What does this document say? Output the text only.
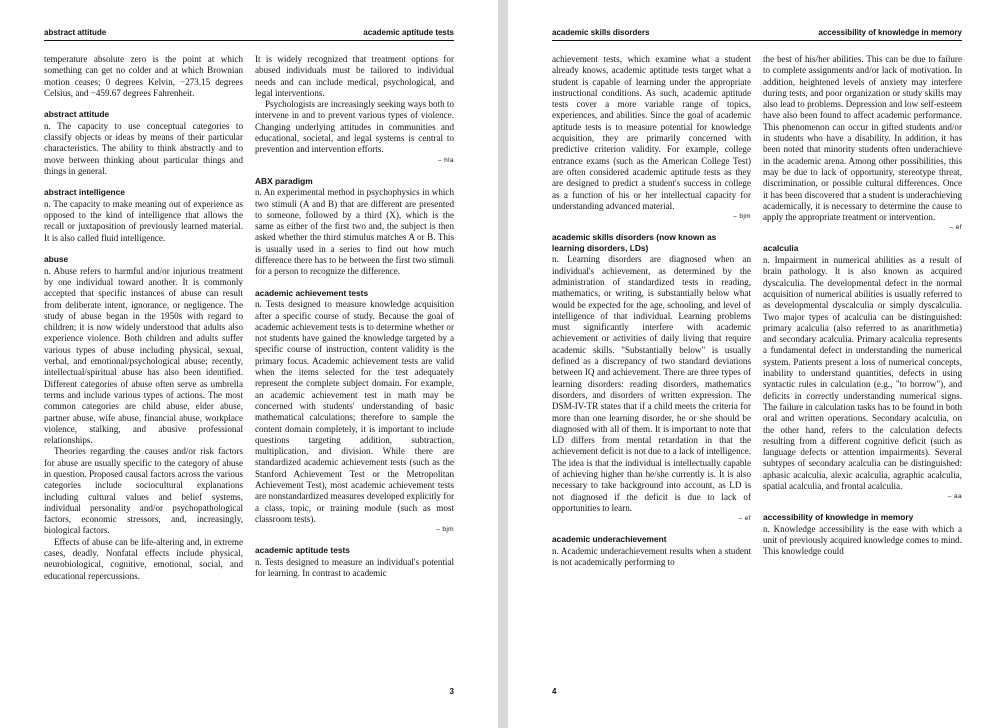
abstract attitude	academic aptitude tests

temperature absolute zero is the point at which something can get no colder and at which Brownian motion ceases; 0 degrees Kelvin, −273.15 degrees Celsius, and −459.67 degrees Fahrenheit.

abstract attitude

n. The capacity to use conceptual categories to classify objects or ideas by means of their particular characteristics. The ability to think abstractly and to move between thinking about particular things and things in general.

abstract intelligence

n. The capacity to make meaning out of experience as opposed to the kind of intelligence that allows the recall or juxtaposition of previously learned material. It is also called fluid intelligence.

abuse

n. Abuse refers to harmful and/or injurious treatment by one individual toward another. It is commonly accepted that specific instances of abuse can result from deliberate intent, ignorance, or negligence. The study of abuse began in the 1950s with regard to children; it is now widely understood that adults also experience violence. Both children and adults suffer various types of abuse including physical, sexual, verbal, and emotional/psychological abuse; recently, intellectual/spiritual abuse has also been identified. Different categories of abuse often serve as umbrella terms and include various types of actions. The most common categories are child abuse, elder abuse, partner abuse, wife abuse, financial abuse, workplace violence, stalking, and abusive professional relationships.

Theories regarding the causes and/or risk factors for abuse are usually specific to the category of abuse in question. Proposed causal factors across the various categories include sociocultural explanations including cultural values and belief systems, individual personality and/or psychopathological factors, economic stressors, and, increasingly, biological factors.

Effects of abuse can be life-altering and, in extreme cases, deadly. Nonfatal effects include physical, neurobiological, cognitive, emotional, social, and educational repercussions.

It is widely recognized that treatment options for abused individuals must be tailored to individual needs and can include medical, psychological, and legal interventions.

Psychologists are increasingly seeking ways both to intervene in and to prevent various types of violence. Changing underlying attitudes in communities and educational, societal, and legal systems is central to prevention and intervention efforts.

– hla
ABX paradigm

n. An experimental method in psychophysics in which two stimuli (A and B) that are different are presented to someone, followed by a third (X), which is the same as either of the first two and, the subject is then asked whether the third stimulus matches A or B. This is usually used in a series to find out how much difference there has to be between the first two stimuli for a person to recognize the difference.

academic achievement tests

n. Tests designed to measure knowledge acquisition after a specific course of study. Because the goal of academic achievement tests is to determine whether or not students have gained the knowledge targeted by a specific course of instruction, content validity is the primary focus. Academic achievement tests are valid when the items selected for the test adequately represent the complete subject domain. For example, an academic achievement test in math may be concerned with students' understanding of basic mathematical calculations; therefore to sample the content domain completely, it is important to include questions targeting addition, subtraction, multiplication, and division. While there are standardized academic achievement tests (such as the Stanford Achievement Test or the Metropolitan Achievement Test), most academic achievement tests are nonstandardized measures developed explicitly for a class, topic, or training module (such as most classroom tests).

– bjm
academic aptitude tests

n. Tests designed to measure an individual's potential for learning. In contrast to academic

3
academic skills disorders	accessibility of knowledge in memory

achievement tests, which examine what a student already knows, academic aptitude tests target what a student is capable of learning under the appropriate instructional conditions. As such, academic aptitude tests cover a more variable range of topics, experiences, and abilities. Since the goal of academic aptitude tests is to measure potential for knowledge acquisition, they are primarily concerned with predictive criterion validity. For example, college entrance exams (such as the American College Test) are often considered academic aptitude tests as they are designed to predict a student's success in college as a function of his or her intellectual capacity for understanding advanced material.

– bjm
academic skills disorders (now known as learning disorders, LDs)

n. Learning disorders are diagnosed when an individual's achievement, as determined by the administration of standardized tests in reading, mathematics, or writing, is substantially below what would be expected for the age, schooling, and level of intelligence of that individual. Learning problems must significantly interfere with academic achievement or activities of daily living that require academic skills. "Substantially below" is usually defined as a discrepancy of two standard deviations between IQ and achievement. There are three types of learning disorders: reading disorders, mathematics disorders, and disorders of written expression. The DSM-IV-TR states that if a child meets the criteria for more than one learning disorder, he or she should be diagnosed with all of them. It is important to note that LD differs from mental retardation in that the achievement deficit is not due to a lack of intelligence. The idea is that the individual is intellectually capable of achieving higher than he/she currently is. It is also necessary to take background into account, as LD is not diagnosed if the deficit is due to lack of opportunities to learn.

– ef
academic underachievement

n. Academic underachievement results when a student is not academically performing to

the best of his/her abilities. This can be due to failure to complete assignments and/or lack of motivation. In addition, heightened levels of anxiety may interfere during tests, and poor organization or study skills may also lead to problems. Depression and low self-esteem have also been found to affect academic performance. This phenomenon can occur in gifted students and/or in students who have a disability. In addition, it has been noted that minority students often underachieve in the academic arena. Among other possibilities, this may be due to lack of opportunity, stereotype threat, discrimination, or possible cultural differences. Once it has been discovered that a student is underachieving academically, it is necessary to determine the cause to apply the appropriate treatment or intervention.

– ef
acalculia

n. Impairment in numerical abilities as a result of brain pathology. It is also known as acquired dyscalculia. The developmental defect in the normal acquisition of numerical abilities is usually referred to as developmental dyscalculia or simply dyscalculia. Two major types of acalculia can be distinguished: primary acalculia (also referred to as anarithmetia) and secondary acalculia. Primary acalculia represents a fundamental defect in understanding the numerical system. Patients present a loss of numerical concepts, inability to understand quantities, defects in using syntactic rules in calculation (e.g., "to borrow"), and deficits in correctly understanding numerical signs. The failure in calculation tasks has to be found in both oral and written operations. Secondary acalculia, on the other hand, refers to the calculation defects resulting from a different cognitive deficit (such as language defects or attention impairments). Several subtypes of secondary acalculia can be distinguished: aphasic acalculia, alexic acalculia, agraphic acalculia, spatial acalculia, and frontal acalculia.

– aa
accessibility of knowledge in memory

n. Knowledge accessibility is the ease with which a unit of previously acquired knowledge comes to mind. This knowledge could

4
